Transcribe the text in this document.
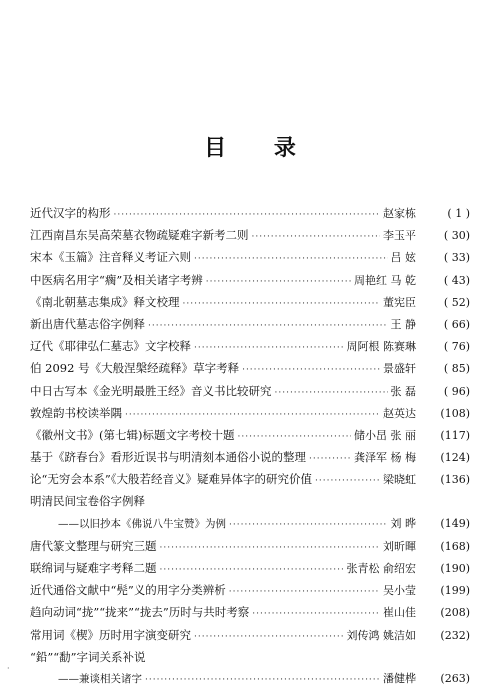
目 录
近代汉字的构形 ·····	赵家栋	( 1 )
江西南昌东吴高荣墓衣物疏疑难字新考二则 ·····	李玉平	( 30)
宋本《玉篇》注音释义考证六则 ·····	吕 妶	( 33)
中医病名用字“瘸”及相关诸字考辨 ·····	周艳红 马 乾	( 43)
《南北朝墓志集成》释文校理 ·····	董宪臣	( 52)
新出唐代墓志俗字例释 ·····	王 静	( 66)
辽代《耶律弘仁墓志》文字校释 ·····	周阿根 陈赛琳	( 76)
伯 2092 号《大般涅槃经疏释》草字考释 ·····	景盛轩	( 85)
中日古写本《金光明最胜王经》音义书比较研究 ·····	张 磊	( 96)
敦煌韵书校读举隅 ·····	赵英达	(108)
《徽州文书》(第七辑)标题文字考校十题 ·····	储小旵 张 丽	(117)
基于《跻春台》看形近误书与明清刻本通俗小说的整理 ·····	龚泽军 杨 梅	(124)
论“无穷会本系”《大般若经音义》疑难异体字的研究价值 ·····	梁晓虹	(136)
明清民间宝卷俗字例释
——以旧抄本《佛说八牛宝赞》为例 ·····	刘 晔	(149)
唐代篆文整理与研究三题 ·····	刘昕暉	(168)
联绵词与疑难字考释二题 ·····	张青松 俞绍宏	(190)
近代通俗文献中“髡”义的用字分类辨析 ·····	吴小莹	(199)
趋向动词“拢”“拢来”“拢去”历时与共时考察 ·····	崔山佳	(208)
常用词《楔》历时用字演变研究 ·····	刘传鸿 姚洁如	(232)
“鉛”“勫”字词关系补说
——兼谈相关诸字 ·····	潘健桦	(263)
·
